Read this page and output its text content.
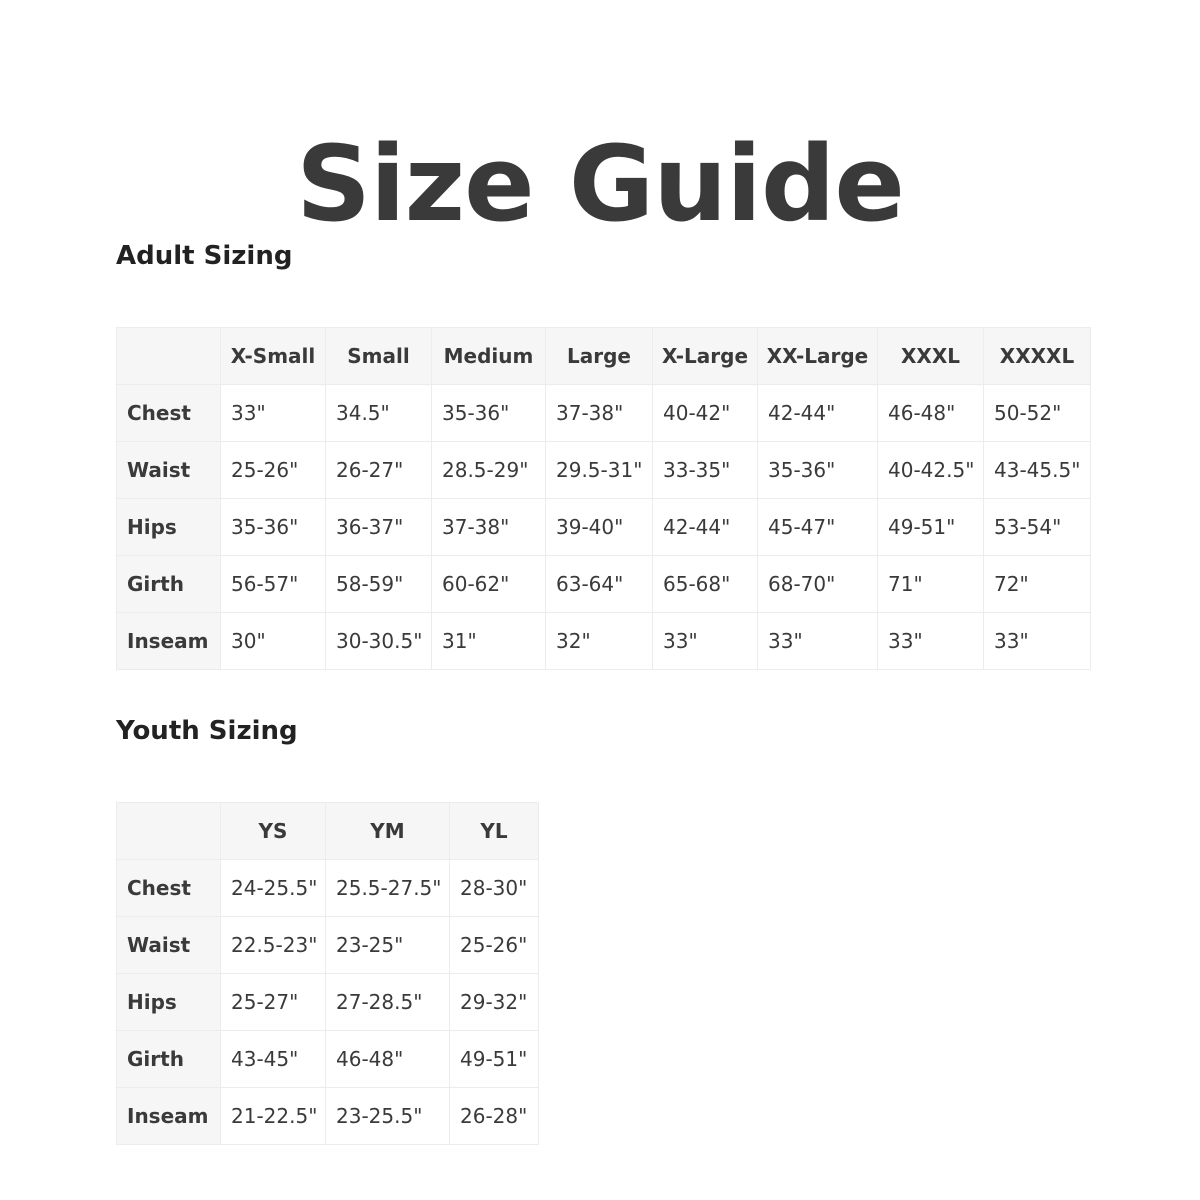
Size Guide
Adult Sizing
	X-Small	Small	Medium	Large	X-Large	XX-Large	XXXL	XXXXL
Chest	33"	34.5"	35-36"	37-38"	40-42"	42-44"	46-48"	50-52"
Waist	25-26"	26-27"	28.5-29"	29.5-31"	33-35"	35-36"	40-42.5"	43-45.5"
Hips	35-36"	36-37"	37-38"	39-40"	42-44"	45-47"	49-51"	53-54"
Girth	56-57"	58-59"	60-62"	63-64"	65-68"	68-70"	71"	72"
Inseam	30"	30-30.5"	31"	32"	33"	33"	33"	33"
Youth Sizing
	YS	YM	YL
Chest	24-25.5"	25.5-27.5"	28-30"
Waist	22.5-23"	23-25"	25-26"
Hips	25-27"	27-28.5"	29-32"
Girth	43-45"	46-48"	49-51"
Inseam	21-22.5"	23-25.5"	26-28"
